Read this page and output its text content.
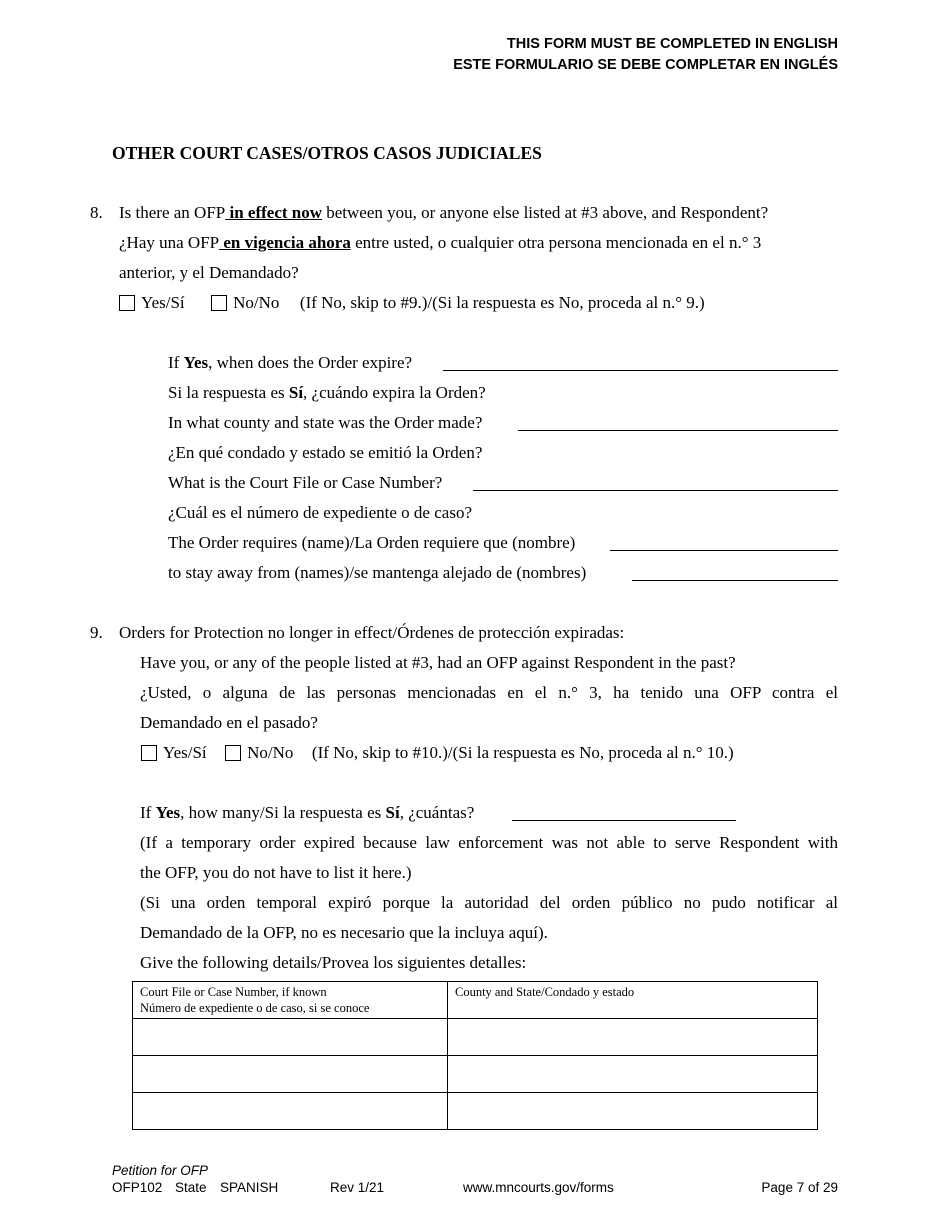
THIS FORM MUST BE COMPLETED IN ENGLISH
ESTE FORMULARIO SE DEBE COMPLETAR EN INGLÉS
OTHER COURT CASES/OTROS CASOS JUDICIALES
8. Is there an OFP in effect now between you, or anyone else listed at #3 above, and Respondent?
¿Hay una OFP en vigencia ahora entre usted, o cualquier otra persona mencionada en el n.° 3
anterior, y el Demandado?
Yes/Sí	No/No (If No, skip to #9.)/(Si la respuesta es No, proceda al n.° 9.)
If Yes, when does the Order expire?
Si la respuesta es Sí, ¿cuándo expira la Orden?
In what county and state was the Order made?
¿En qué condado y estado se emitió la Orden?
What is the Court File or Case Number?
¿Cuál es el número de expediente o de caso?
The Order requires (name)/La Orden requiere que (nombre)
to stay away from (names)/se mantenga alejado de (nombres)
9. Orders for Protection no longer in effect/Órdenes de protección expiradas:
Have you, or any of the people listed at #3, had an OFP against Respondent in the past?
¿Usted, o alguna de las personas mencionadas en el n.° 3, ha tenido una OFP contra el
Demandado en el pasado?
Yes/Sí No/No (If No, skip to #10.)/(Si la respuesta es No, proceda al n.° 10.)
If Yes, how many/Si la respuesta es Sí, ¿cuántas?
(If a temporary order expired because law enforcement was not able to serve Respondent with
the OFP, you do not have to list it here.)
(Si una orden temporal expiró porque la autoridad del orden público no pudo notificar al
Demandado de la OFP, no es necesario que la incluya aquí).
Give the following details/Provea los siguientes detalles:
Court File or Case Number, if known
Número de expediente o de caso, si se conoce	County and State/Condado y estado

Petition for OFP
OFP102 State SPANISH	Rev 1/21	www.mncourts.gov/forms	Page 7 of 29
